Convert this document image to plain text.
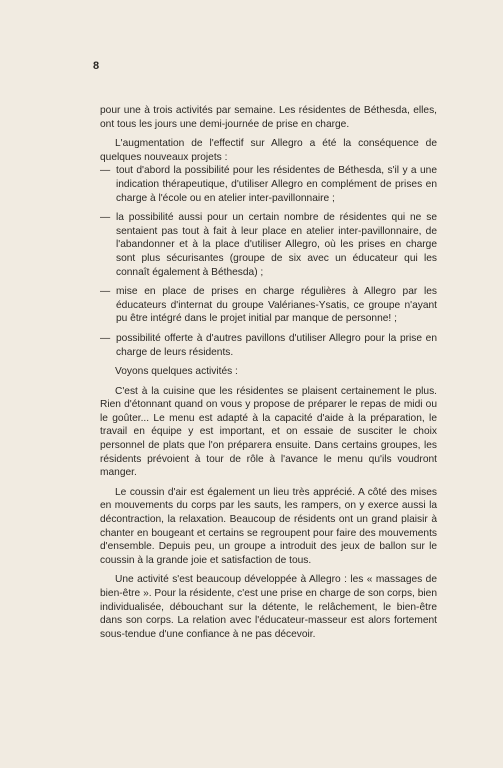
8

pour une à trois activités par semaine. Les résidentes de Béthesda, elles, ont tous les jours une demi-journée de prise en charge.

L'augmentation de l'effectif sur Allegro a été la conséquence de quelques nouveaux projets :

— tout d'abord la possibilité pour les résidentes de Béthesda, s'il y a une indication thérapeutique, d'utiliser Allegro en complément de prises en charge à l'école ou en atelier inter-pavillonnaire ;

— la possibilité aussi pour un certain nombre de résidentes qui ne se sentaient pas tout à fait à leur place en atelier inter-pavillonnaire, de l'abandonner et à la place d'utiliser Allegro, où les prises en charge sont plus sécurisantes (groupe de six avec un éducateur qui les connaît également à Béthesda) ;

— mise en place de prises en charge régulières à Allegro par les éducateurs d'internat du groupe Valérianes-Ysatis, ce groupe n'ayant pu être intégré dans le projet initial par manque de personne! ;

— possibilité offerte à d'autres pavillons d'utiliser Allegro pour la prise en charge de leurs résidents.

Voyons quelques activités :

C'est à la cuisine que les résidentes se plaisent certainement le plus. Rien d'étonnant quand on vous y propose de préparer le repas de midi ou le goûter... Le menu est adapté à la capacité d'aide à la préparation, le travail en équipe y est important, et on essaie de susciter le choix personnel de plats que l'on préparera ensuite. Dans certains groupes, les résidents prévoient à tour de rôle à l'avance le menu qu'ils voudront manger.

Le coussin d'air est également un lieu très apprécié. A côté des mises en mouvements du corps par les sauts, les rampers, on y exerce aussi la décontraction, la relaxation. Beaucoup de résidents ont un grand plaisir à chanter en bougeant et certains se regroupent pour faire des mouvements d'ensemble. Depuis peu, un groupe a introduit des jeux de ballon sur le coussin à la grande joie et satisfaction de tous.

Une activité s'est beaucoup développée à Allegro : les « massages de bien-être ». Pour la résidente, c'est une prise en charge de son corps, bien individualisée, débouchant sur la détente, le relâchement, le bien-être dans son corps. La relation avec l'éducateur-masseur est alors fortement sous-tendue d'une confiance à ne pas décevoir.
